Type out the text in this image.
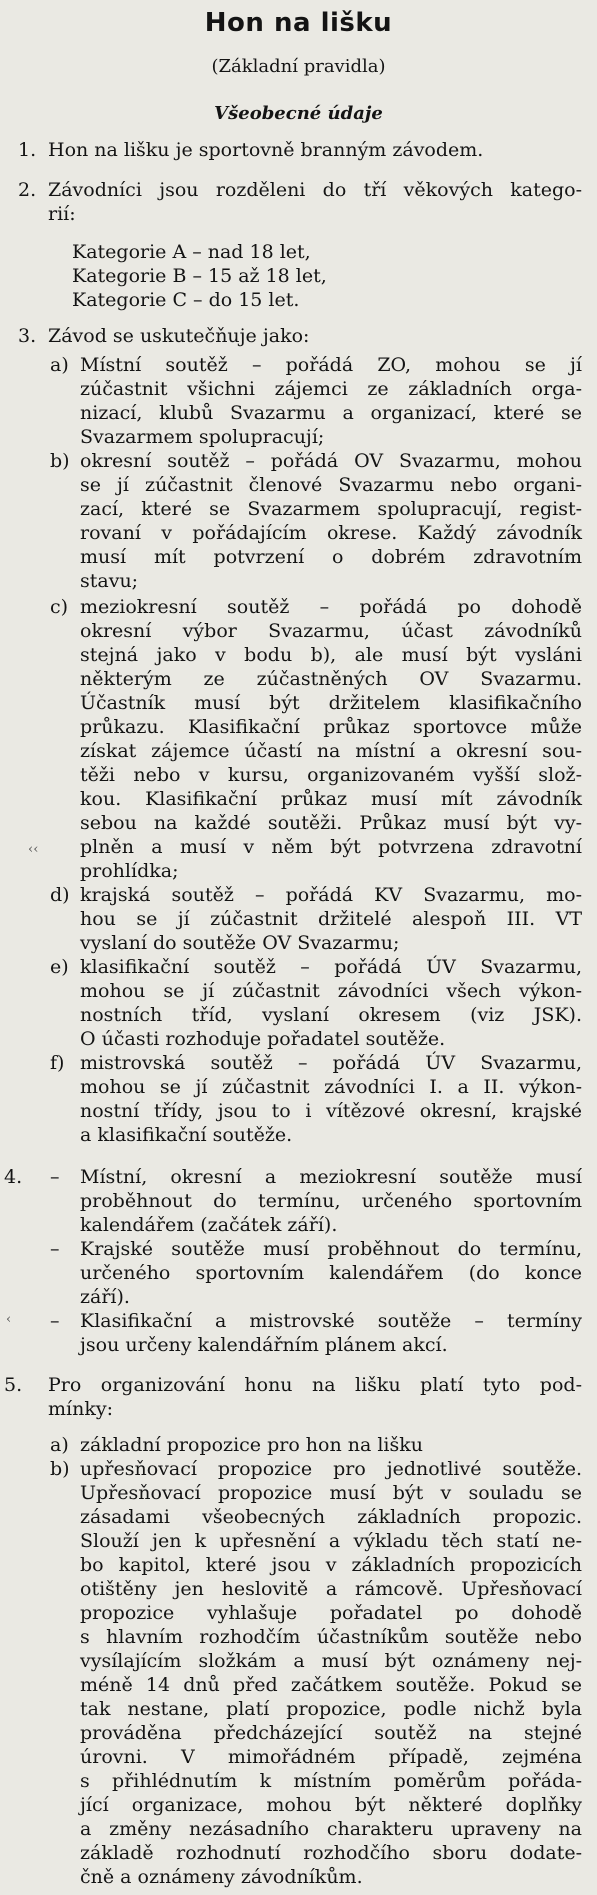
Hon na lišku
(Základní pravidla)
Všeobecné údaje
1. Hon na lišku je sportovně branným závodem.
2. Závodníci jsou rozděleni do tří věkových katego-
rií:
Kategorie A – nad 18 let,
Kategorie B – 15 až 18 let,
Kategorie C – do 15 let.
3. Závod se uskutečňuje jako:
a) Místní soutěž – pořádá ZO, mohou se jí
zúčastnit všichni zájemci ze základních orga-
nizací, klubů Svazarmu a organizací, které se
Svazarmem spolupracují;
b) okresní soutěž – pořádá OV Svazarmu, mohou
se jí zúčastnit členové Svazarmu nebo organi-
zací, které se Svazarmem spolupracují, regist-
rovaní v pořádajícím okrese. Každý závodník
musí mít potvrzení o dobrém zdravotním
stavu;
c) meziokresní soutěž – pořádá po dohodě
okresní výbor Svazarmu, účast závodníků
stejná jako v bodu b), ale musí být vysláni
některým ze zúčastněných OV Svazarmu.
Účastník musí být držitelem klasifikačního
průkazu. Klasifikační průkaz sportovce může
získat zájemce účastí na místní a okresní sou-
těži nebo v kursu, organizovaném vyšší slož-
kou. Klasifikační průkaz musí mít závodník
sebou na každé soutěži. Průkaz musí být vy-
plněn a musí v něm být potvrzena zdravotní
prohlídka;
d) krajská soutěž – pořádá KV Svazarmu, mo-
hou se jí zúčastnit držitelé alespoň III. VT
vyslaní do soutěže OV Svazarmu;
e) klasifikační soutěž – pořádá ÚV Svazarmu,
mohou se jí zúčastnit závodníci všech výkon-
nostních tříd, vyslaní okresem (viz JSK).
O účasti rozhoduje pořadatel soutěže.
f) mistrovská soutěž – pořádá ÚV Svazarmu,
mohou se jí zúčastnit závodníci I. a II. výkon-
nostní třídy, jsou to i vítězové okresní, krajské
a klasifikační soutěže.
4. – Místní, okresní a meziokresní soutěže musí
proběhnout do termínu, určeného sportovním
kalendářem (začátek září).
– Krajské soutěže musí proběhnout do termínu,
určeného sportovním kalendářem (do konce
září).
– Klasifikační a mistrovské soutěže – termíny
jsou určeny kalendářním plánem akcí.
5. Pro organizování honu na lišku platí tyto pod-
mínky:
a) základní propozice pro hon na lišku
b) upřesňovací propozice pro jednotlivé soutěže.
Upřesňovací propozice musí být v souladu se
zásadami všeobecných základních propozic.
Slouží jen k upřesnění a výkladu těch statí ne-
bo kapitol, které jsou v základních propozicích
otištěny jen heslovitě a rámcově. Upřesňovací
propozice vyhlašuje pořadatel po dohodě
s hlavním rozhodčím účastníkům soutěže nebo
vysílajícím složkám a musí být oznámeny nej-
méně 14 dnů před začátkem soutěže. Pokud se
tak nestane, platí propozice, podle nichž byla
prováděna předcházející soutěž na stejné
úrovni. V mimořádném případě, zejména
s přihlédnutím k místním poměrům pořáda-
jící organizace, mohou být některé doplňky
a změny nezásadního charakteru upraveny na
základě rozhodnutí rozhodčího sboru dodate-
čně a oznámeny závodníkům.
‹‹
‹
